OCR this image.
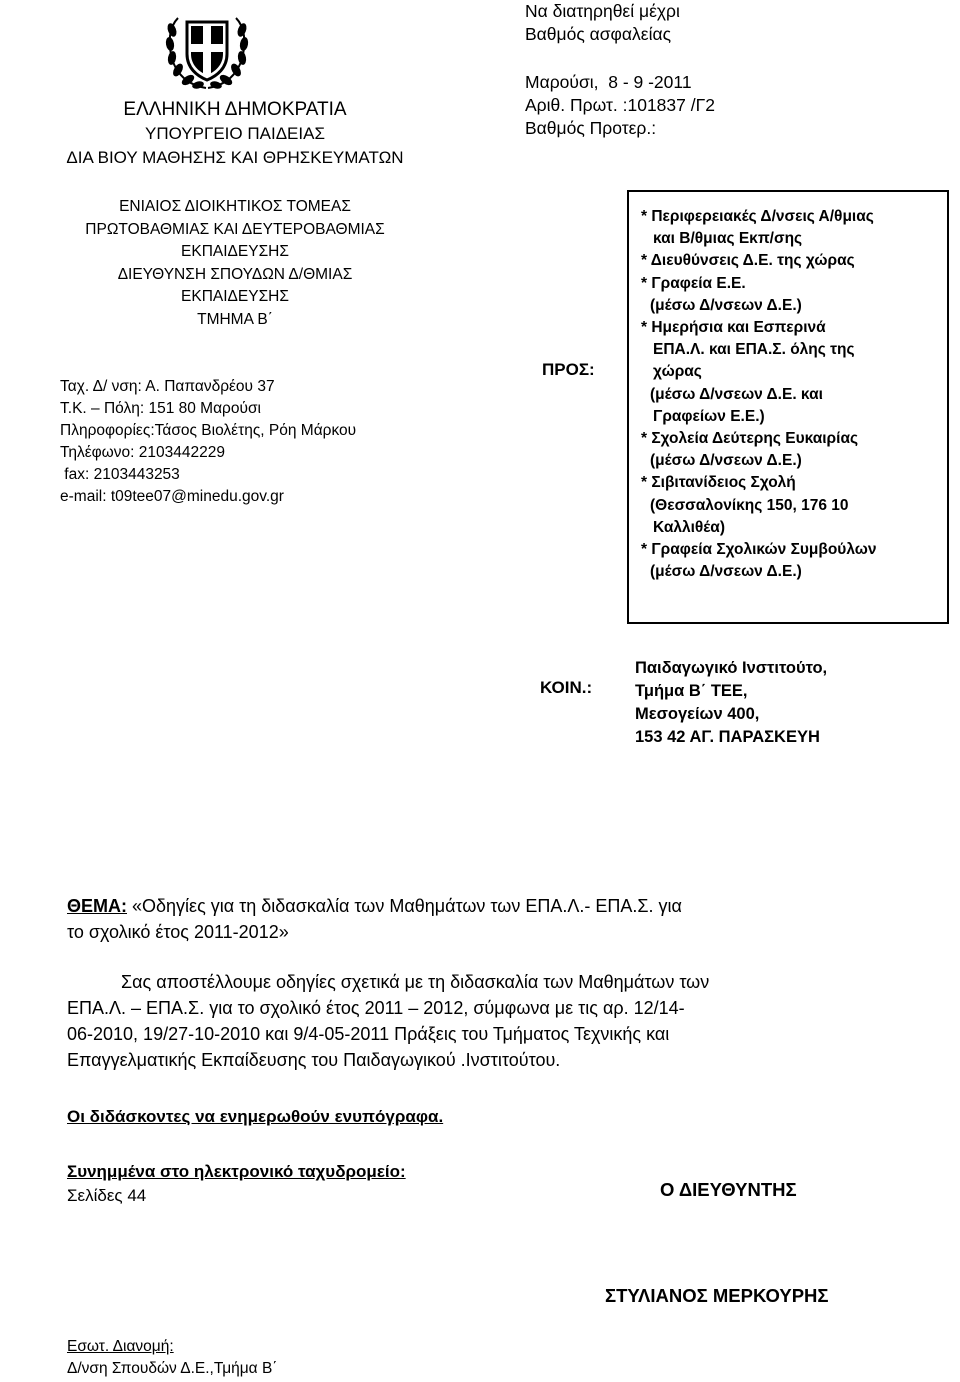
ΕΛΛΗΝΙΚΗ ΔΗΜΟΚΡΑΤΙΑ
ΥΠΟΥΡΓΕΙΟ ΠΑΙΔΕΙΑΣ
ΔΙΑ ΒΙΟΥ ΜΑΘΗΣΗΣ ΚΑΙ ΘΡΗΣΚΕΥΜΑΤΩΝ
ΕΝΙΑΙΟΣ ΔΙΟΙΚΗΤΙΚΟΣ ΤΟΜΕΑΣ
ΠΡΩΤΟΒΑΘΜΙΑΣ ΚΑΙ ΔΕΥΤΕΡΟΒΑΘΜΙΑΣ
ΕΚΠΑΙΔΕΥΣΗΣ
ΔΙΕΥΘΥΝΣΗ ΣΠΟΥΔΩΝ Δ/ΘΜΙΑΣ
ΕΚΠΑΙΔΕΥΣΗΣ
ΤΜΗΜΑ Β΄
Ταχ. Δ/ νση: Α. Παπανδρέου 37
Τ.Κ. – Πόλη: 151 80 Μαρούσι
Πληροφορίες:Τάσος Βιολέτης, Ρόη Μάρκου
Τηλέφωνο: 2103442229
fax: 2103443253
e-mail: t09tee07@minedu.gov.gr
Να διατηρηθεί μέχρι
Βαθμός ασφαλείας
Μαρούσι,  8 - 9 -2011
Αριθ. Πρωτ. :101837 /Γ2
Βαθμός Προτερ.:
ΠΡΟΣ:
* Περιφερειακές Δ/νσεις Α/θμιας
και Β/θμιας Εκπ/σης
* Διευθύνσεις Δ.Ε. της χώρας
* Γραφεία Ε.Ε.
(μέσω Δ/νσεων Δ.Ε.)
* Ημερήσια και Εσπερινά
ΕΠΑ.Λ. και ΕΠΑ.Σ. όλης της
χώρας
(μέσω Δ/νσεων Δ.Ε. και
Γραφείων Ε.Ε.)
* Σχολεία Δεύτερης Ευκαιρίας
(μέσω Δ/νσεων Δ.Ε.)
* Σιβιτανίδειος Σχολή
(Θεσσαλονίκης 150, 176 10
Καλλιθέα)
* Γραφεία Σχολικών Συμβούλων
(μέσω Δ/νσεων Δ.Ε.)
ΚΟΙΝ.:
Παιδαγωγικό Ινστιτούτο,
Τμήμα Β΄ ΤΕΕ,
Μεσογείων 400,
153 42 ΑΓ. ΠΑΡΑΣΚΕΥΗ
ΘΕΜΑ: «Οδηγίες για τη διδασκαλία των Μαθημάτων των ΕΠΑ.Λ.- ΕΠΑ.Σ. για
το σχολικό έτος 2011-2012»
Σας αποστέλλουμε οδηγίες σχετικά με τη διδασκαλία των Μαθημάτων των
ΕΠΑ.Λ. – ΕΠΑ.Σ. για το σχολικό έτος 2011 – 2012, σύμφωνα με τις αρ. 12/14-
06-2010, 19/27-10-2010 και 9/4-05-2011 Πράξεις του Τμήματος Τεχνικής και
Επαγγελματικής Εκπαίδευσης του Παιδαγωγικού .Ινστιτούτου.
Οι διδάσκοντες να ενημερωθούν ενυπόγραφα.
Συνημμένα στο ηλεκτρονικό ταχυδρομείο:
Σελίδες 44	Ο ΔΙΕΥΘΥΝΤΗΣ
ΣΤΥΛΙΑΝΟΣ ΜΕΡΚΟΥΡΗΣ
Εσωτ. Διανομή:
Δ/νση Σπουδών Δ.Ε.,Τμήμα Β΄
